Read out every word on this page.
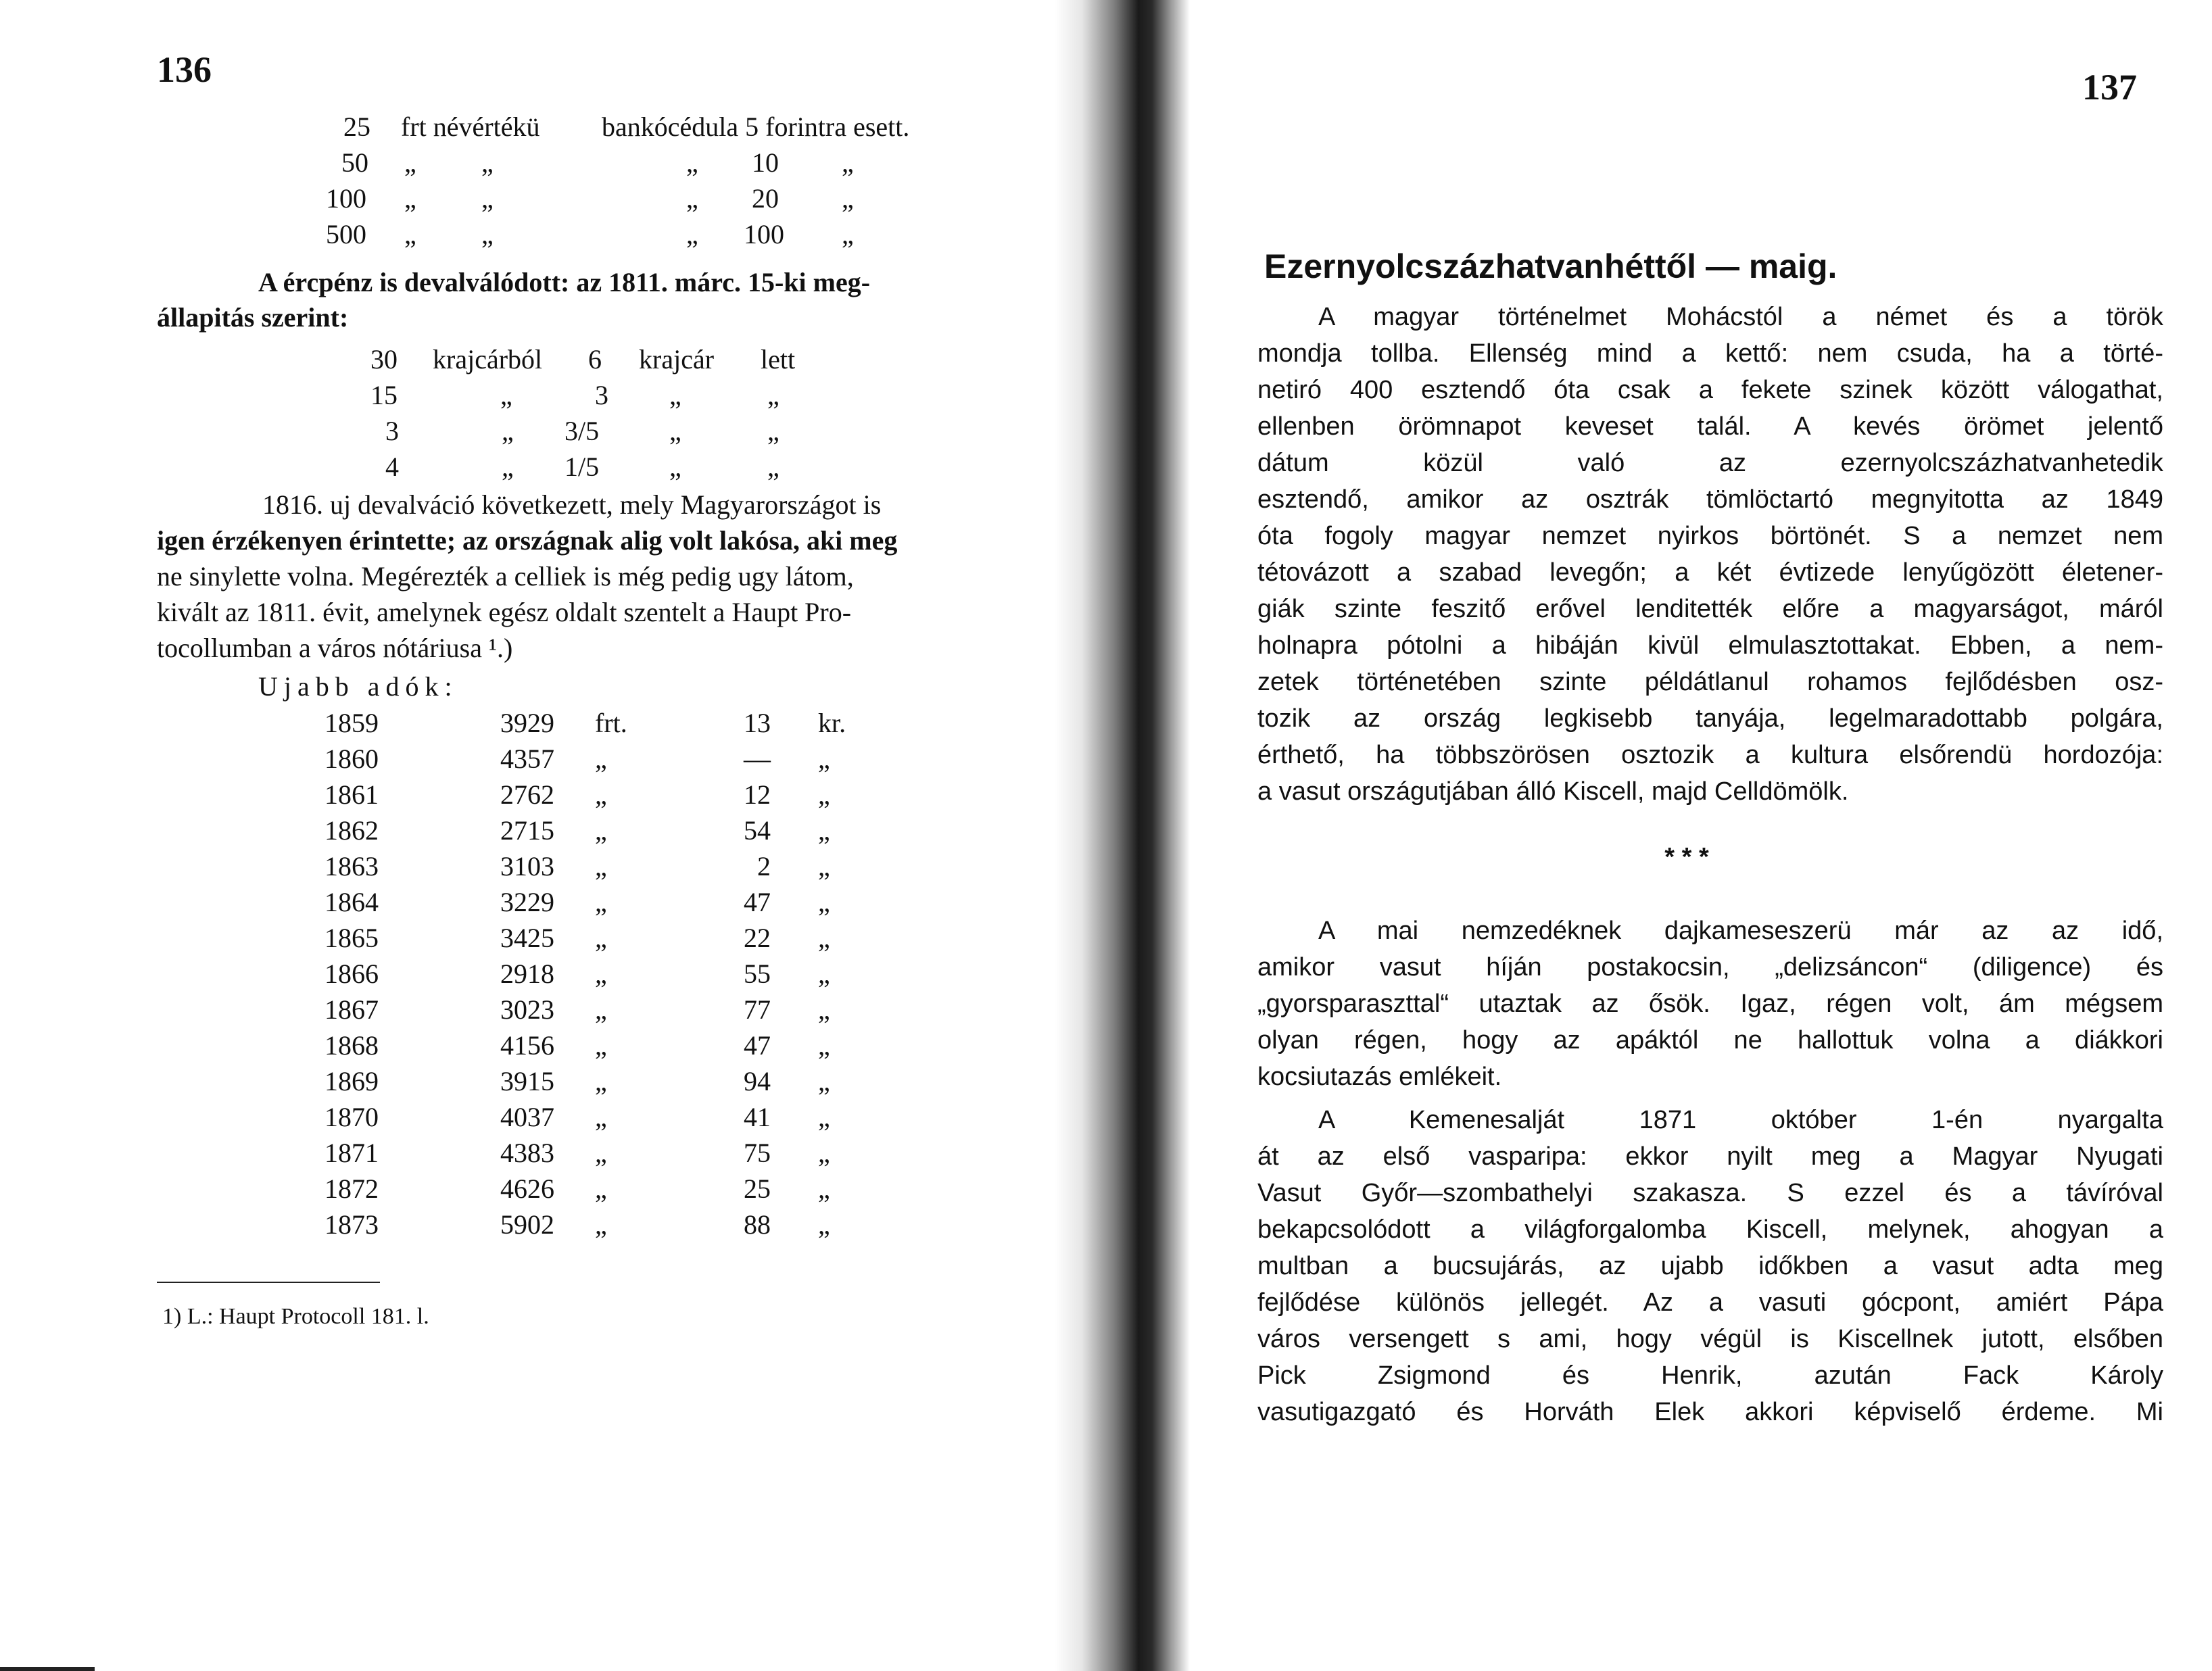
136
25 frt névértékü bankócédula 5 forintra esett.
50 „ „	„ 10 „
100 „ „	„ 20 „
500 „ „	„ 100 „
A ércpénz is devalválódott: az 1811. márc. 15-ki meg-
állapitás szerint:
30 krajcárból 6 krajcár lett
15	„	3 „	„
3	„ 3/5	„	„
4	„ 1/5	„	„
1816. uj devalváció következett, mely Magyarországot is
igen érzékenyen érintette; az országnak alig volt lakósa, aki meg
ne sinylette volna. Megérezték a celliek is még pedig ugy látom,
kivált az 1811. évit, amelynek egész oldalt szentelt a Haupt Pro-
tocollumban a város nótáriusa ¹.)
Ujabb adók:
1859	3929 frt.	13 kr.
1860	4357 „	— „
1861	2762 „	12 „
1862	2715 „	54 „
1863	3103 „	2 „
1864	3229 „	47 „
1865	3425 „	22 „
1866	2918 „	55 „
1867	3023 „	77 „
1868	4156 „	47 „
1869	3915 „	94 „
1870	4037 „	41 „
1871	4383 „	75 „
1872	4626 „	25 „
1873	5902 „	88 „
1) L.: Haupt Protocoll 181. l.
137
Ezernyolcszázhatvanhéttől — maig.
A magyar történelmet Mohácstól a német és a török
mondja tollba. Ellenség mind a kettő: nem csuda, ha a törté-
netiró 400 esztendő óta csak a fekete szinek között válogathat,
ellenben örömnapot keveset talál. A kevés örömet jelentő
dátum közül való az ezernyolcszázhatvanhetedik
esztendő, amikor az osztrák tömlöctartó megnyitotta az 1849
óta fogoly magyar nemzet nyirkos börtönét. S a nemzet nem
tétovázott a szabad levegőn; a két évtizede lenyűgözött életener-
giák szinte feszitő erővel lenditették előre a magyarságot, máról
holnapra pótolni a hibáján kivül elmulasztottakat. Ebben, a nem-
zetek történetében szinte példátlanul rohamos fejlődésben osz-
tozik az ország legkisebb tanyája, legelmaradottabb polgára,
érthető, ha többszörösen osztozik a kultura elsőrendü hordozója:
a vasut országutjában álló Kiscell, majd Celldömölk.
* * *
A mai nemzedéknek dajkameseszerü már az az idő,
amikor vasut híján postakocsin, „delizsáncon“ (diligence) és
„gyorsparaszttal“ utaztak az ősök. Igaz, régen volt, ám mégsem
olyan régen, hogy az apáktól ne hallottuk volna a diákkori
kocsiutazás emlékeit.
A Kemenesalját 1871 október 1-én nyargalta
át az első vasparipa: ekkor nyilt meg a Magyar Nyugati
Vasut Győr—szombathelyi szakasza. S ezzel és a távíróval
bekapcsolódott a világforgalomba Kiscell, melynek, ahogyan a
multban a bucsujárás, az ujabb időkben a vasut adta meg
fejlődése különös jellegét. Az a vasuti gócpont, amiért Pápa
város versengett s ami, hogy végül is Kiscellnek jutott, elsőben
Pick Zsigmond és Henrik, azután Fack Károly
vasutigazgató és Horváth Elek akkori képviselő érdeme. Mi
